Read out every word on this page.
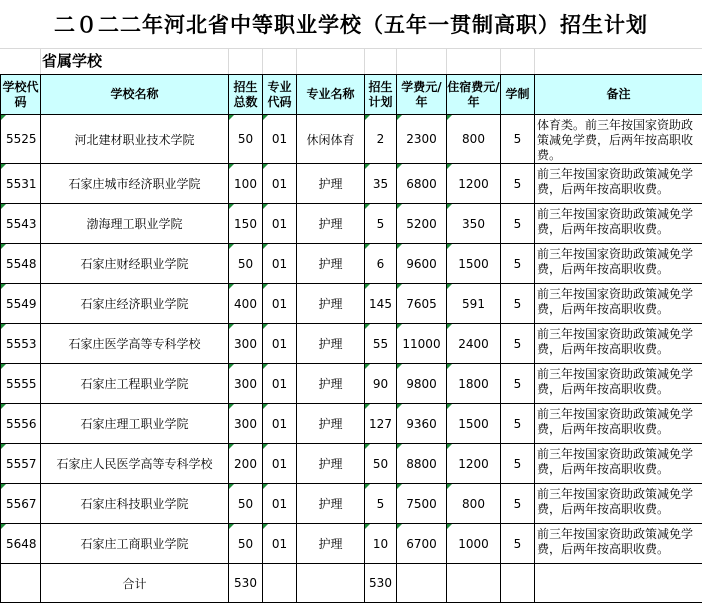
二０二二年河北省中等职业学校（五年一贯制高职）招生计划
省属学校
学校代码	学校名称	招生总数	专业代码	专业名称	招生计划	学费元/年	住宿费元/年	学制	备注
5525	河北建材职业技术学院	50	01	休闲体育	2	2300	800	5	体育类。前三年按国家资助政策减免学费，后两年按高职收费。
5531	石家庄城市经济职业学院	100	01	护理	35	6800	1200	5	前三年按国家资助政策减免学费，后两年按高职收费。
5543	渤海理工职业学院	150	01	护理	5	5200	350	5	前三年按国家资助政策减免学费，后两年按高职收费。
5548	石家庄财经职业学院	50	01	护理	6	9600	1500	5	前三年按国家资助政策减免学费，后两年按高职收费。
5549	石家庄经济职业学院	400	01	护理	145	7605	591	5	前三年按国家资助政策减免学费，后两年按高职收费。
5553	石家庄医学高等专科学校	300	01	护理	55	11000	2400	5	前三年按国家资助政策减免学费，后两年按高职收费。
5555	石家庄工程职业学院	300	01	护理	90	9800	1800	5	前三年按国家资助政策减免学费，后两年按高职收费。
5556	石家庄理工职业学院	300	01	护理	127	9360	1500	5	前三年按国家资助政策减免学费，后两年按高职收费。
5557	石家庄人民医学高等专科学校	200	01	护理	50	8800	1200	5	前三年按国家资助政策减免学费，后两年按高职收费。
5567	石家庄科技职业学院	50	01	护理	5	7500	800	5	前三年按国家资助政策减免学费，后两年按高职收费。
5648	石家庄工商职业学院	50	01	护理	10	6700	1000	5	前三年按国家资助政策减免学费，后两年按高职收费。
	合计	530			530				
